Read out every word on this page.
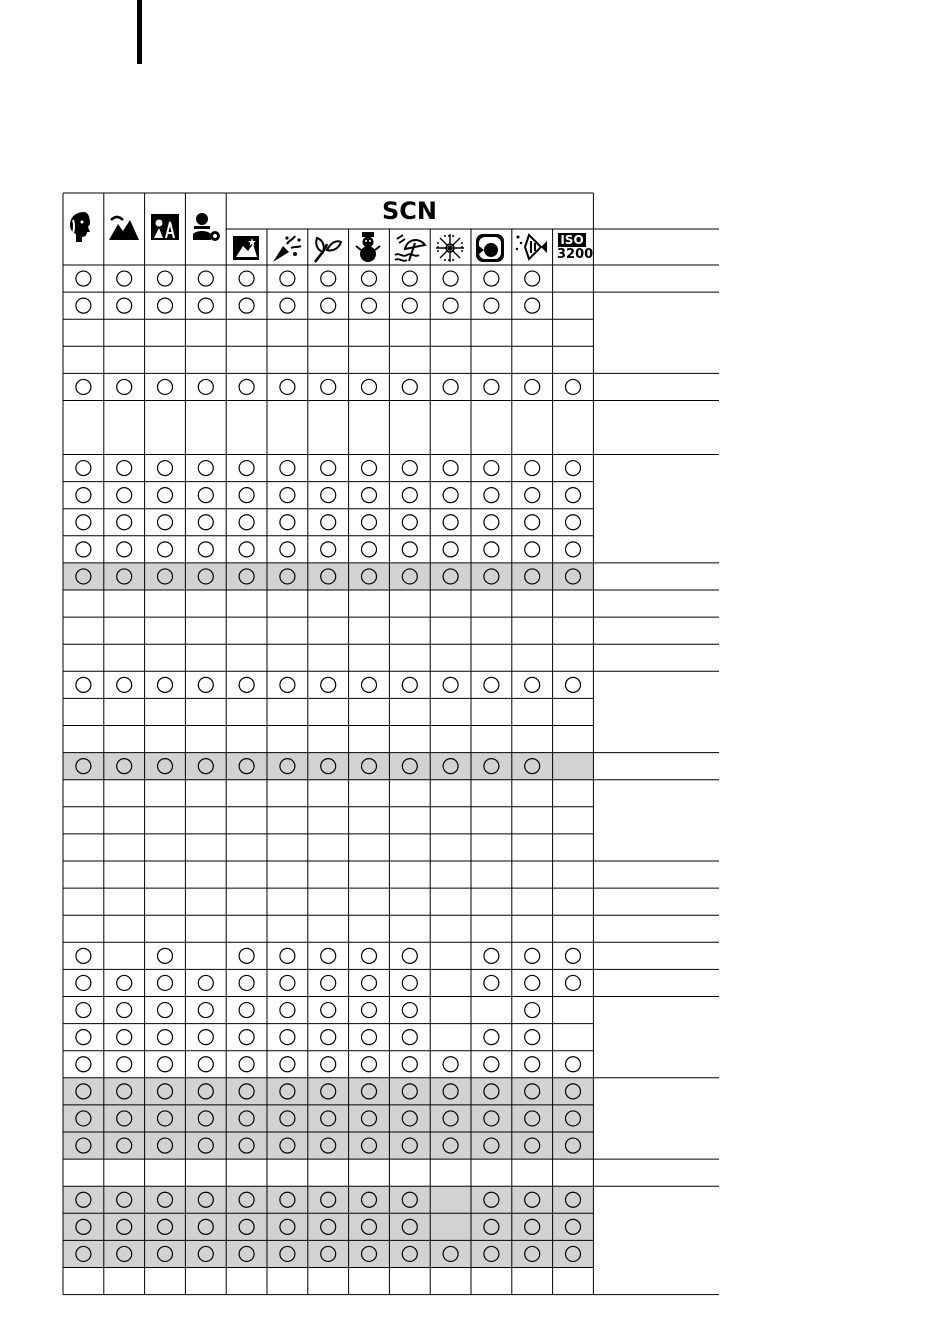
SCN
ISO
3200
